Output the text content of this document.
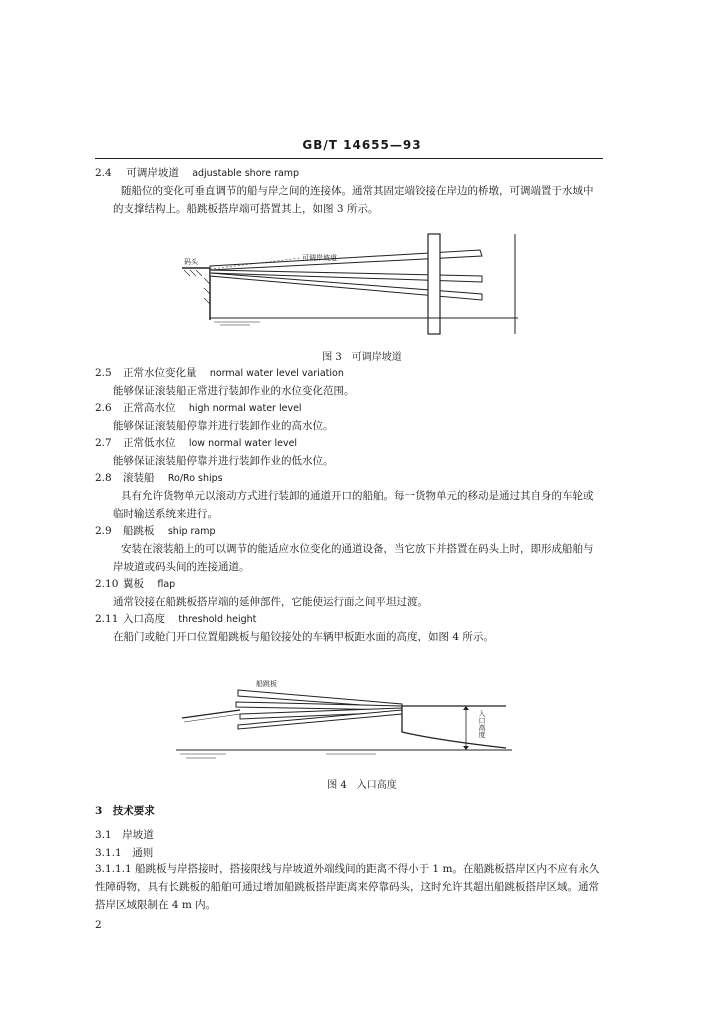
GB/T 14655—93
2.4 可调岸坡道 adjustable shore ramp
随船位的变化可垂直调节的船与岸之间的连接体。通常其固定端铰接在岸边的桥墩，可调端置于水域中的支撑结构上。船跳板搭岸端可搭置其上，如图 3 所示。
码头	可调岸坡道
图 3　可调岸坡道
2.5 正常水位变化量 normal water level variation
能够保证滚装船正常进行装卸作业的水位变化范围。
2.6 正常高水位 high normal water level
能够保证滚装船停靠并进行装卸作业的高水位。
2.7 正常低水位 low normal water level
能够保证滚装船停靠并进行装卸作业的低水位。
2.8 滚装船 Ro/Ro ships
具有允许货物单元以滚动方式进行装卸的通道开口的船舶。每一货物单元的移动是通过其自身的车轮或临时输送系统来进行。
2.9 船跳板 ship ramp
安装在滚装船上的可以调节的能适应水位变化的通道设备，当它放下并搭置在码头上时，即形成船舶与岸坡道或码头间的连接通道。
2.10 翼板 flap
通常铰接在船跳板搭岸端的延伸部件，它能使运行面之间平坦过渡。
2.11 入口高度 threshold height
在船门或舱门开口位置船跳板与船铰接处的车辆甲板距水面的高度，如图 4 所示。
入口高度
船跳板
图 4　入口高度
3　技术要求
3.1　岸坡道
3.1.1　通则
3.1.1.1 船跳板与岸搭接时，搭接限线与岸坡道外端线间的距离不得小于 1 m。在船跳板搭岸区内不应有永久性障碍物，具有长跳板的船舶可通过增加船跳板搭岸距离来停靠码头，这时允许其超出船跳板搭岸区域。通常搭岸区域限制在 4 m 内。
2
